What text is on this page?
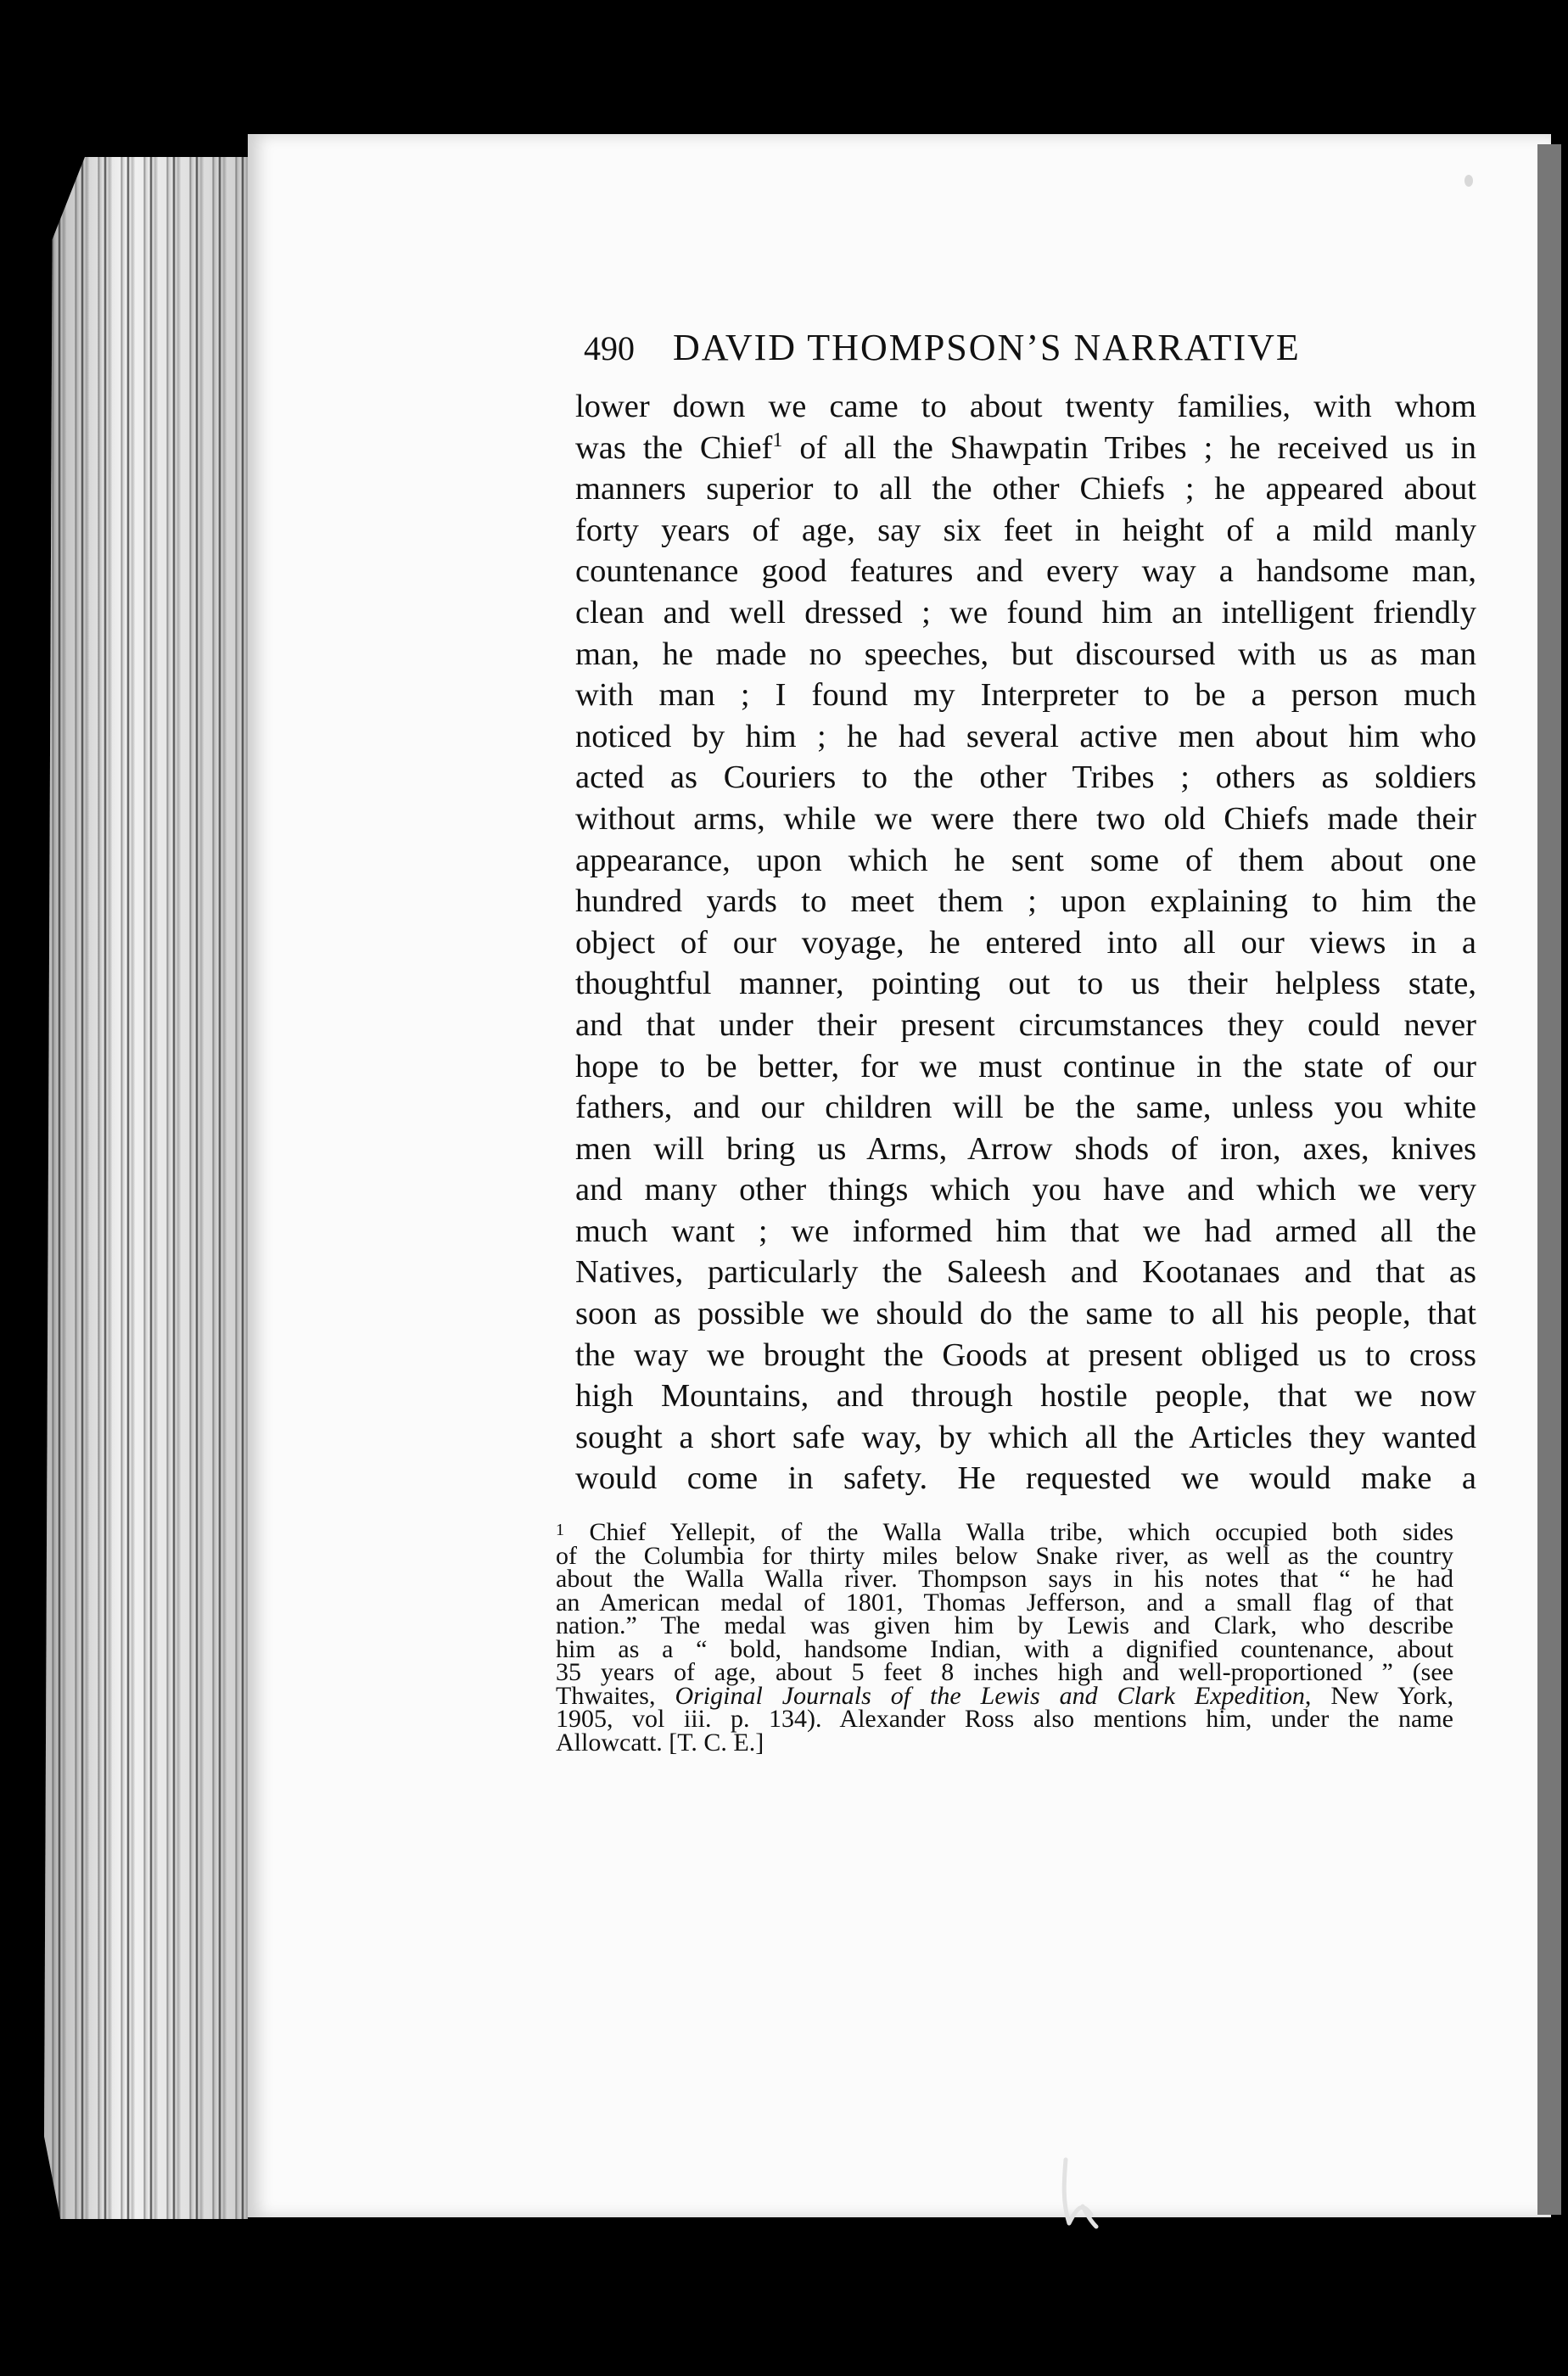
490	DAVID THOMPSON’S NARRATIVE
lower down we came to about twenty families, with whom
was the Chief$^1$ of all the Shawpatin Tribes ; he received us in
manners superior to all the other Chiefs ; he appeared about
forty years of age, say six feet in height of a mild manly
countenance good features and every way a handsome man,
clean and well dressed ; we found him an intelligent friendly
man, he made no speeches, but discoursed with us as man
with man ; I found my Interpreter to be a person much
noticed by him ; he had several active men about him who
acted as Couriers to the other Tribes ; others as soldiers
without arms, while we were there two old Chiefs made their
appearance, upon which he sent some of them about one
hundred yards to meet them ; upon explaining to him the
object of our voyage, he entered into all our views in a
thoughtful manner, pointing out to us their helpless state,
and that under their present circumstances they could never
hope to be better, for we must continue in the state of our
fathers, and our children will be the same, unless you white
men will bring us Arms, Arrow shods of iron, axes, knives
and many other things which you have and which we very
much want ; we informed him that we had armed all the
Natives, particularly the Saleesh and Kootanaes and that as
soon as possible we should do the same to all his people, that
the way we brought the Goods at present obliged us to cross
high Mountains, and through hostile people, that we now
sought a short safe way, by which all the Articles they wanted
would come in safety. He requested we would make a
$^1$ Chief Yellepit, of the Walla Walla tribe, which occupied both sides
of the Columbia for thirty miles below Snake river, as well as the country
about the Walla Walla river. Thompson says in his notes that “ he had
an American medal of 1801, Thomas Jefferson, and a small flag of that
nation.” The medal was given him by Lewis and Clark, who describe
him as a “ bold, handsome Indian, with a dignified countenance, about
35 years of age, about 5 feet 8 inches high and well-proportioned ” (see
Thwaites, Original Journals of the Lewis and Clark Expedition, New York,
1905, vol iii. p. 134). Alexander Ross also mentions him, under the name
Allowcatt. [T. C. E.]
